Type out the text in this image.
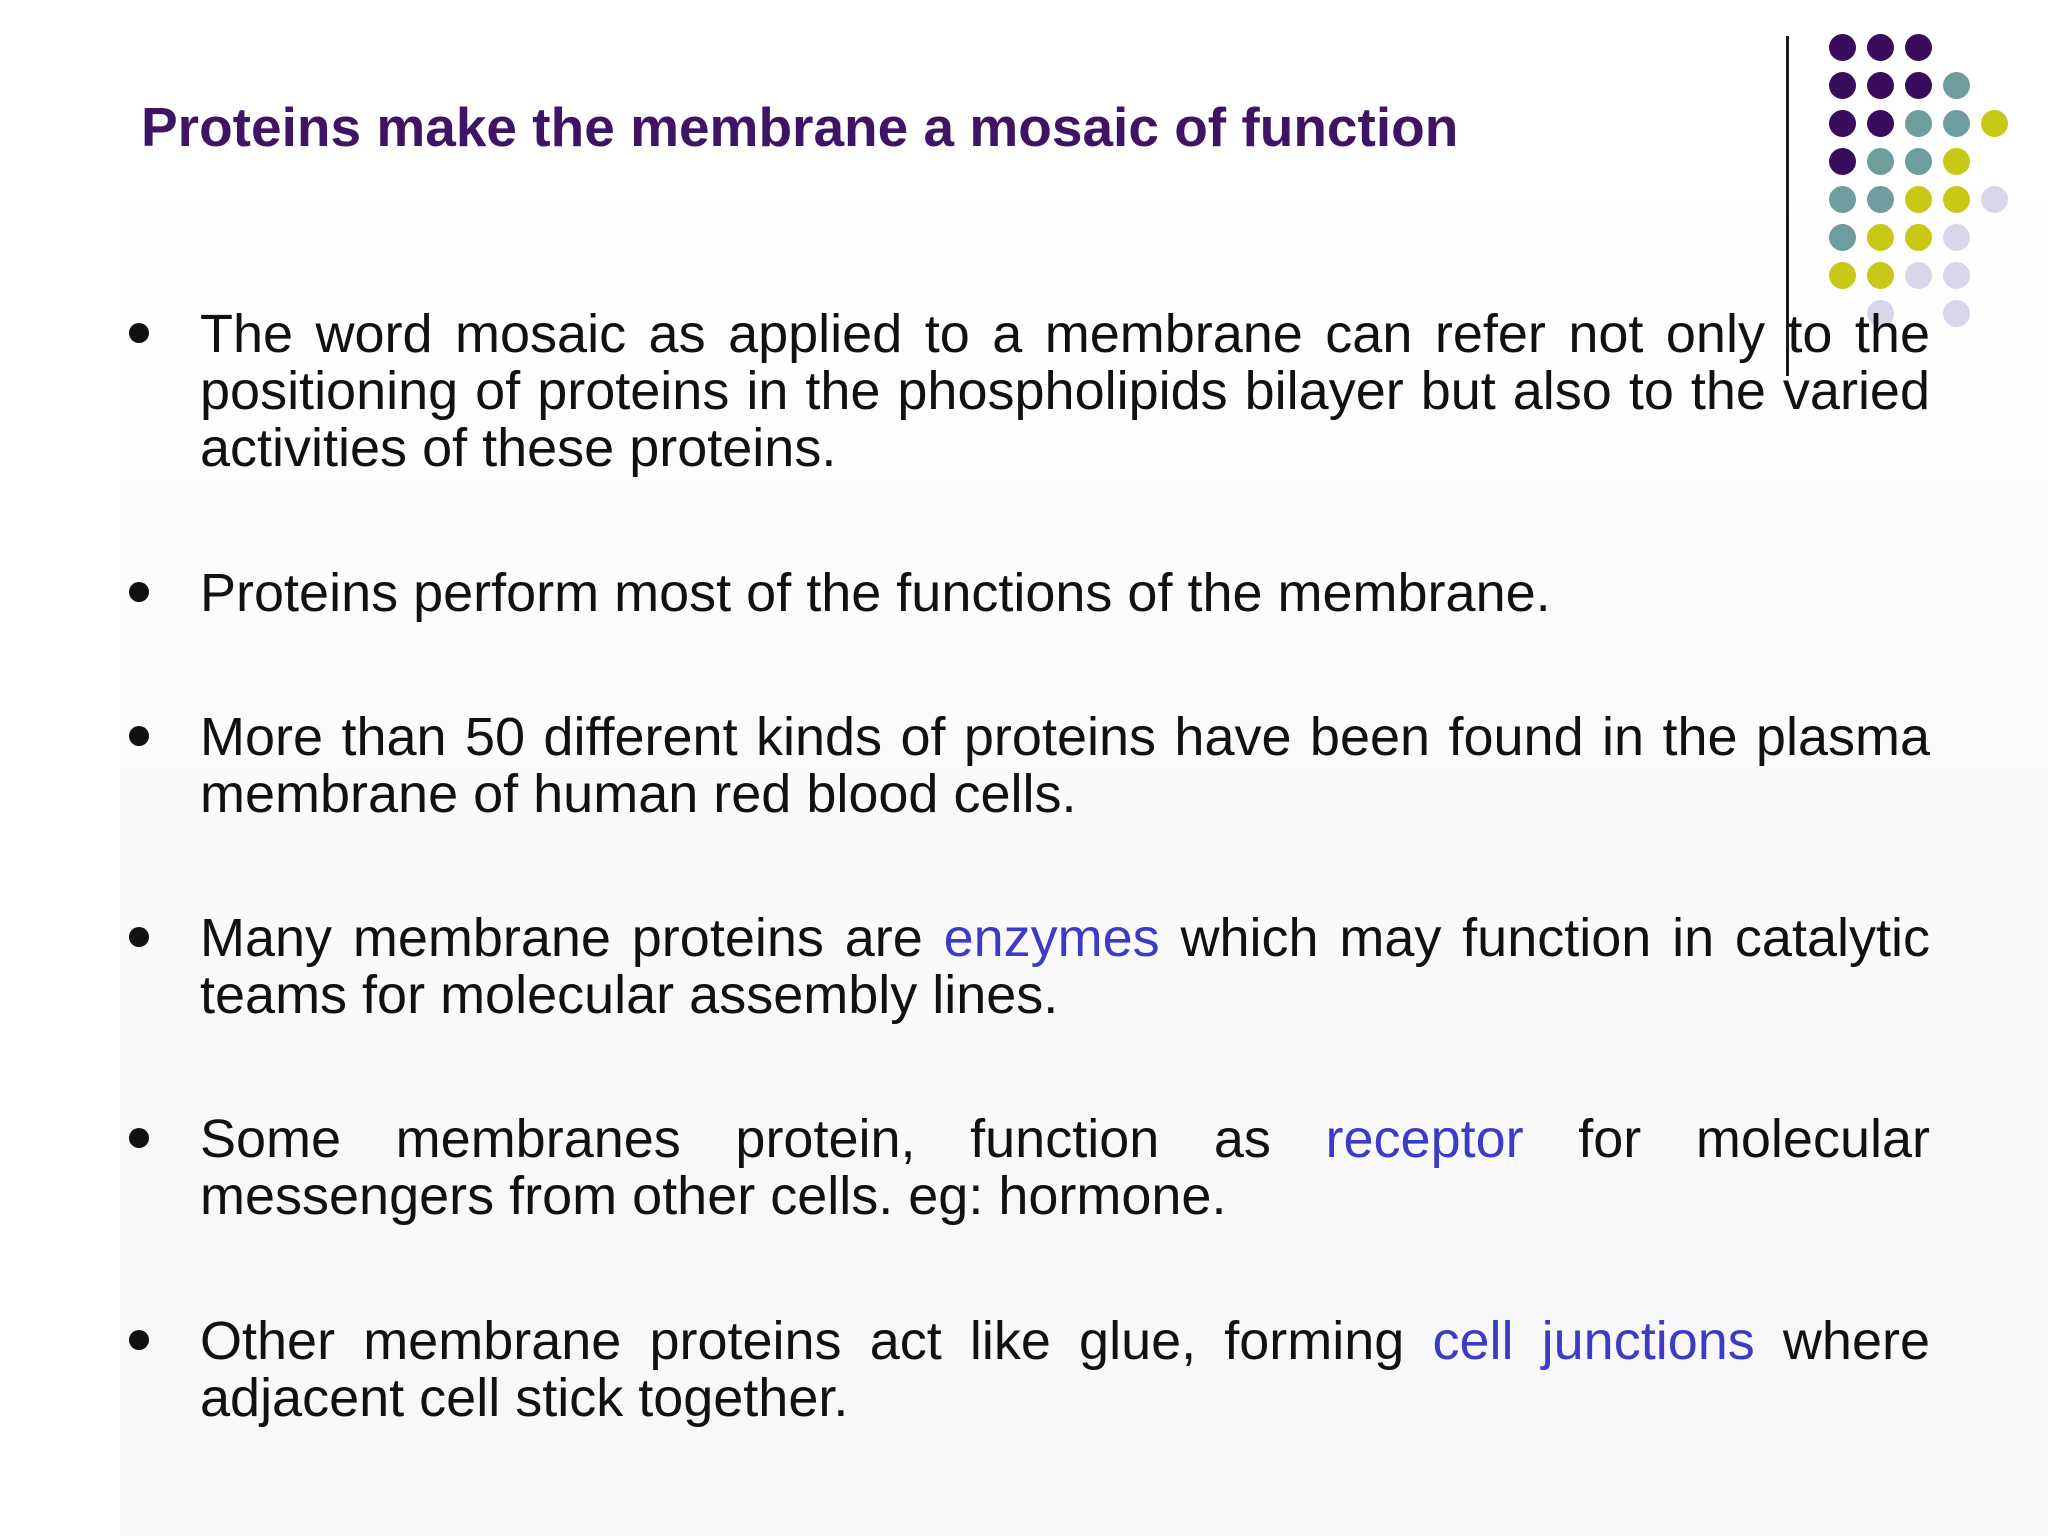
Proteins make the membrane a mosaic of function
The word mosaic as applied to a membrane can refer not only to the positioning of proteins in the phospholipids bilayer but also to the varied activities of these proteins.
Proteins perform most of the functions of the membrane.
More than 50 different kinds of proteins have been found in the plasma membrane of human red blood cells.
Many membrane proteins are enzymes which may function in catalytic teams for molecular assembly lines.
Some membranes protein, function as receptor for molecular messengers from other cells. eg: hormone.
Other membrane proteins act like glue, forming cell junctions where adjacent cell stick together.
